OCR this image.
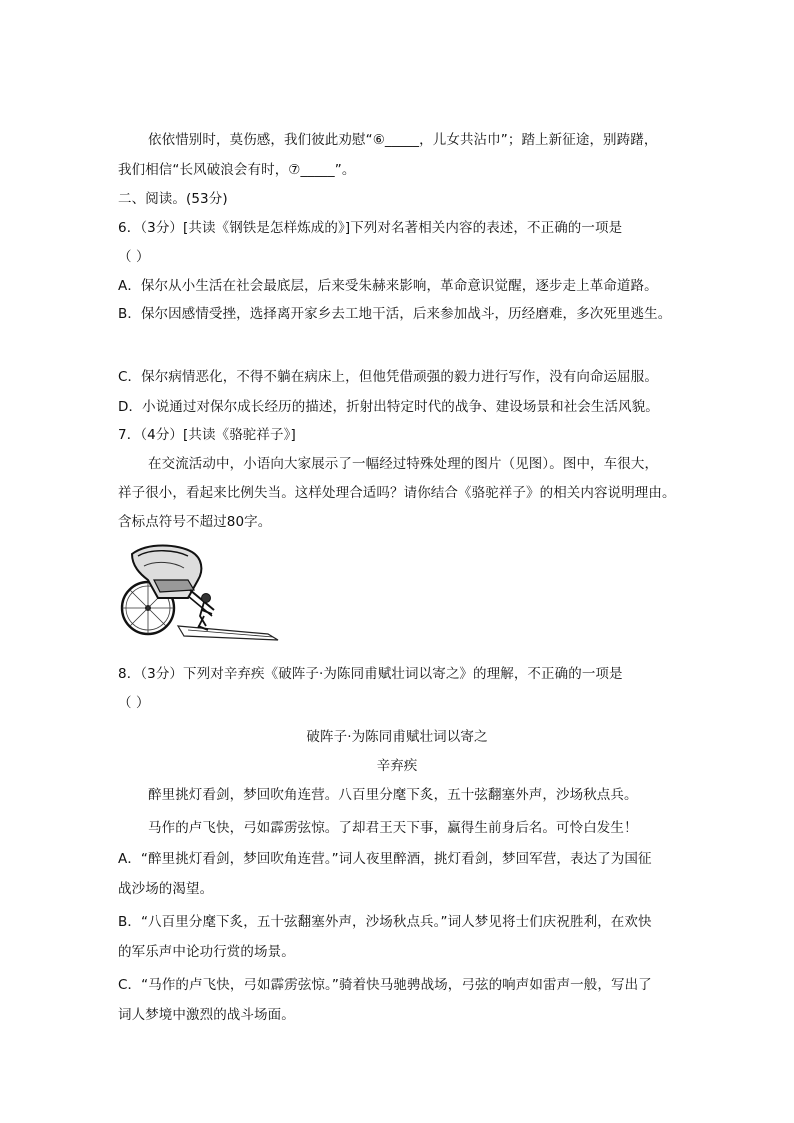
依依惜别时，莫伤感，我们彼此劝慰“⑥_____，儿女共沾巾”；踏上新征途，别踌躇，
我们相信“长风破浪会有时，⑦_____”。
二、阅读。(53分)
6．（3分）[共读《钢铁是怎样炼成的》]下列对名著相关内容的表述，不正确的一项是
（ ）
A．保尔从小生活在社会最底层，后来受朱赫来影响，革命意识觉醒，逐步走上革命道路。
B．保尔因感情受挫，选择离开家乡去工地干活，后来参加战斗，历经磨难，多次死里逃生。
C．保尔病情恶化，不得不躺在病床上，但他凭借顽强的毅力进行写作，没有向命运屈服。
D．小说通过对保尔成长经历的描述，折射出特定时代的战争、建设场景和社会生活风貌。
7．（4分）[共读《骆驼祥子》]
在交流活动中，小语向大家展示了一幅经过特殊处理的图片（见图）。图中，车很大，
祥子很小，看起来比例失当。这样处理合适吗？请你结合《骆驼祥子》的相关内容说明理由。
含标点符号不超过80字。
8．（3分）下列对辛弃疾《破阵子·为陈同甫赋壮词以寄之》的理解，不正确的一项是
（ ）
破阵子·为陈同甫赋壮词以寄之
辛弃疾
醉里挑灯看剑，梦回吹角连营。八百里分麾下炙，五十弦翻塞外声，沙场秋点兵。
马作的卢飞快，弓如霹雳弦惊。了却君王天下事，赢得生前身后名。可怜白发生！
A．“醉里挑灯看剑，梦回吹角连营。”词人夜里醉酒，挑灯看剑，梦回军营，表达了为国征
战沙场的渴望。
B．“八百里分麾下炙，五十弦翻塞外声，沙场秋点兵。”词人梦见将士们庆祝胜利，在欢快
的军乐声中论功行赏的场景。
C．“马作的卢飞快，弓如霹雳弦惊。”骑着快马驰骋战场，弓弦的响声如雷声一般，写出了
词人梦境中激烈的战斗场面。
